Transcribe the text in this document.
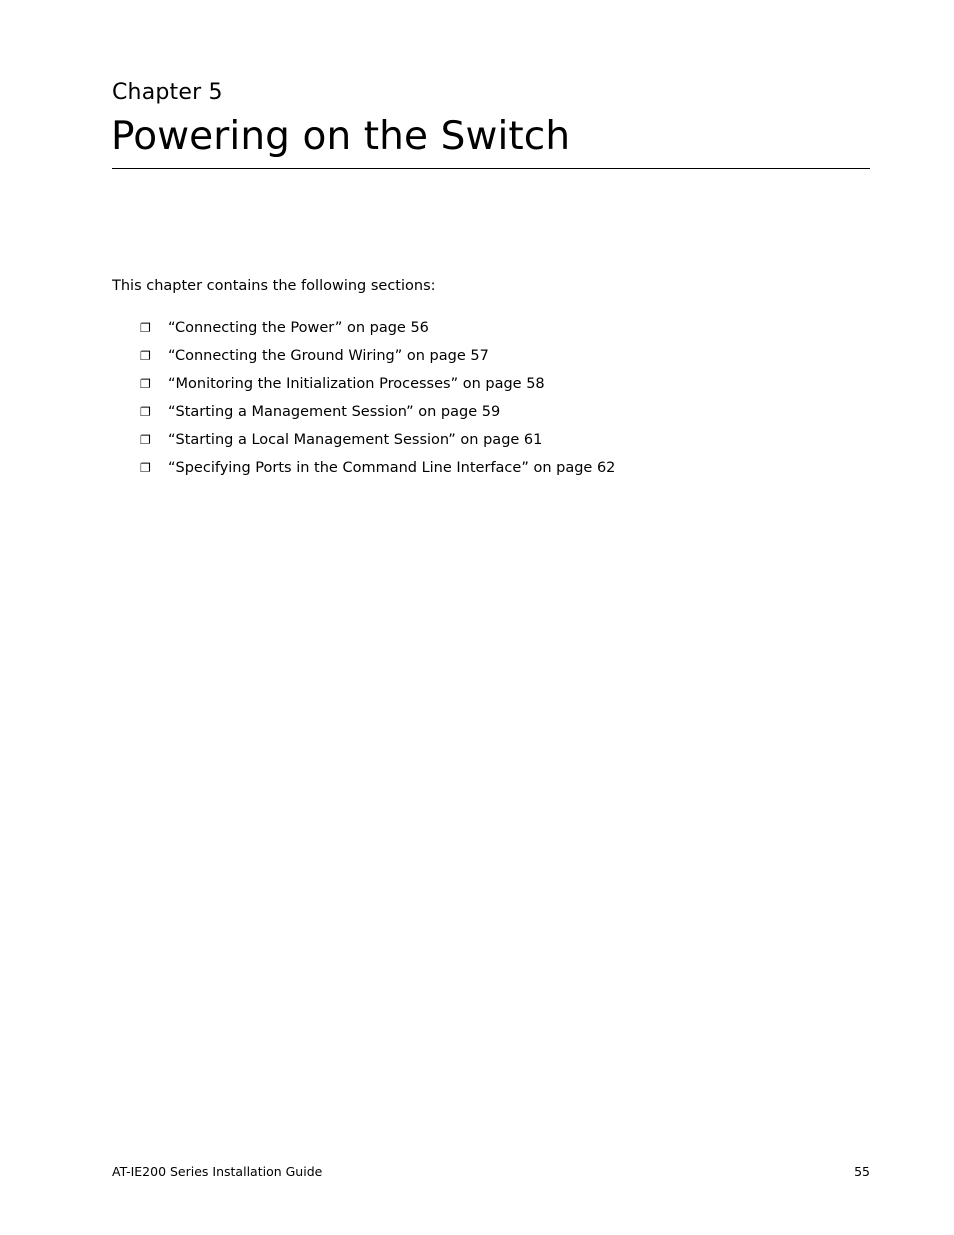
Chapter 5
Powering on the Switch
This chapter contains the following sections:
❐	“Connecting the Power” on page 56
❐	“Connecting the Ground Wiring” on page 57
❐	“Monitoring the Initialization Processes” on page 58
❐	“Starting a Management Session” on page 59
❐	“Starting a Local Management Session” on page 61
❐	“Specifying Ports in the Command Line Interface” on page 62
AT-IE200 Series Installation Guide	55
